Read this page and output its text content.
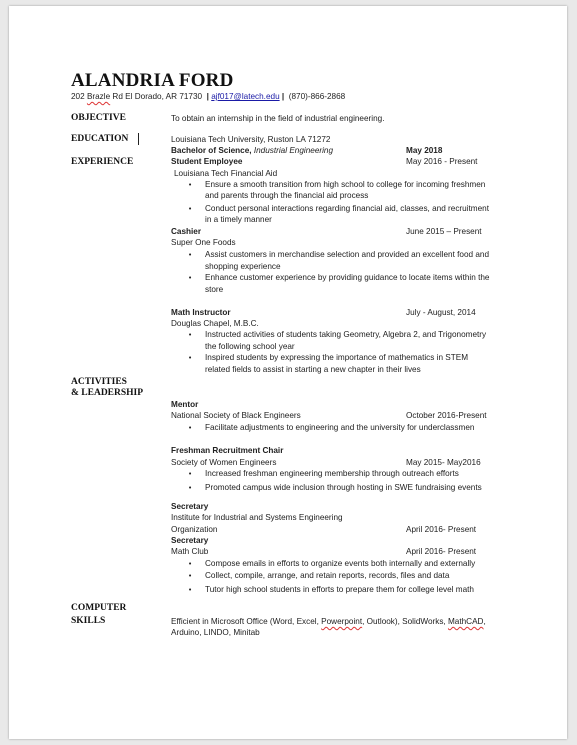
ALANDRIA FORD
202 Brazle Rd El Dorado, AR 71730  | ajf017@latech.edu |  (870)-866-2868
OBJECTIVE
EDUCATION
EXPERIENCE
ACTIVITIES
& LEADERSHIP
COMPUTER
SKILLS
To obtain an internship in the field of industrial engineering.
Louisiana Tech University, Ruston LA 71272
Bachelor of Science, Industrial Engineering	May 2018
Student Employee	May 2016 - Present
Louisiana Tech Financial Aid
• Ensure a smooth transition from high school to college for incoming freshmen
and parents through the financial aid process
• Conduct personal interactions regarding financial aid, classes, and recruitment
in a timely manner
Cashier	June 2015 – Present
Super One Foods
• Assist customers in merchandise selection and provided an excellent food and
shopping experience
• Enhance customer experience by providing guidance to locate items within the
store
Math Instructor	July - August, 2014
Douglas Chapel, M.B.C.
• Instructed activities of students taking Geometry, Algebra 2, and Trigonometry
the following school year
• Inspired students by expressing the importance of mathematics in STEM
related fields to assist in starting a new chapter in their lives
Mentor
National Society of Black Engineers	October 2016-Present
• Facilitate adjustments to engineering and the university for underclassmen
Freshman Recruitment Chair
Society of Women Engineers	May 2015- May2016
• Increased freshman engineering membership through outreach efforts
• Promoted campus wide inclusion through hosting in SWE fundraising events
Secretary
Institute for Industrial and Systems Engineering
Organization	April 2016- Present
Secretary
Math Club	April 2016- Present
• Compose emails in efforts to organize events both internally and externally
• Collect, compile, arrange, and retain reports, records, files and data
• Tutor high school students in efforts to prepare them for college level math
Efficient in Microsoft Office (Word, Excel, Powerpoint, Outlook), SolidWorks, MathCAD,
Arduino, LINDO, Minitab
